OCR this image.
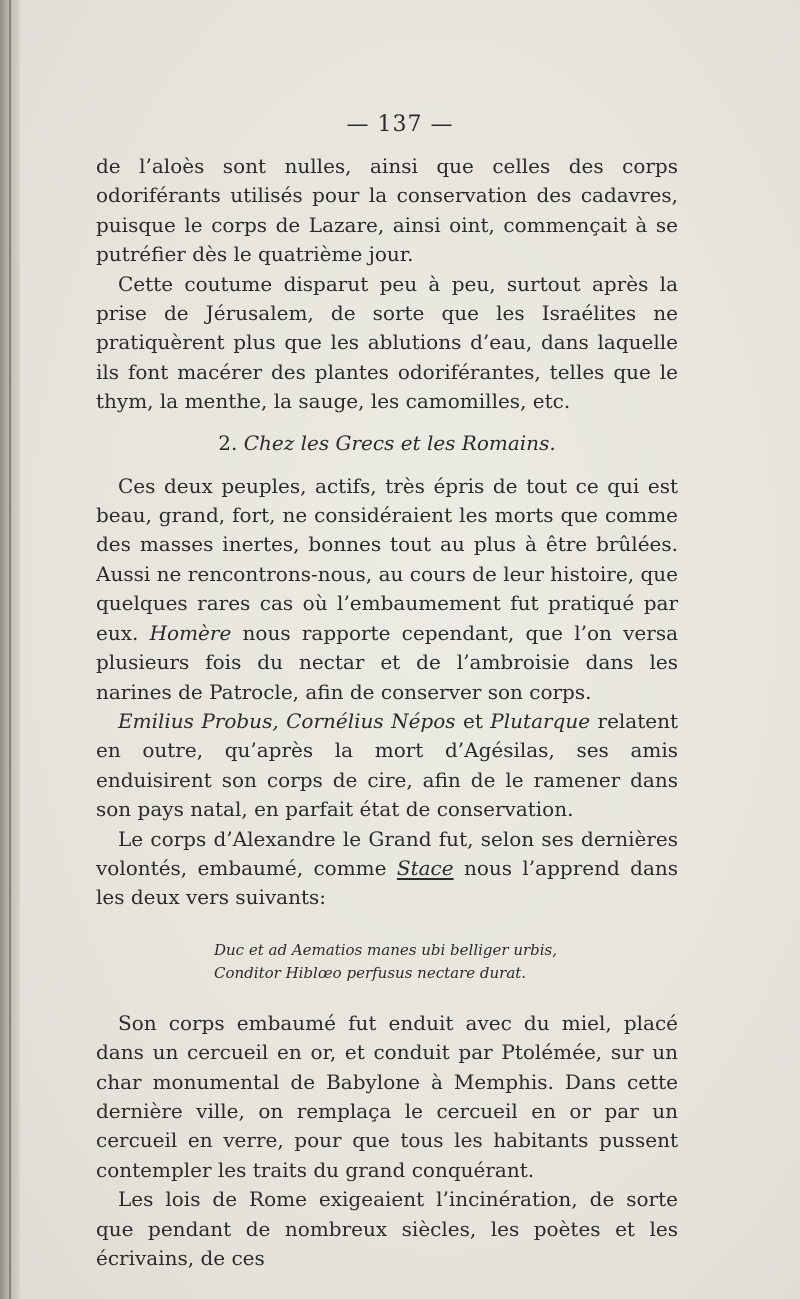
— 137 —

de l’aloès sont nulles, ainsi que celles des corps odoriférants utilisés pour la conservation des cadavres, puisque le corps de Lazare, ainsi oint, commençait à se putréfier dès le quatrième jour.

Cette coutume disparut peu à peu, surtout après la prise de Jérusalem, de sorte que les Israélites ne pratiquèrent plus que les ablutions d’eau, dans laquelle ils font macérer des plantes odoriférantes, telles que le thym, la menthe, la sauge, les camomilles, etc.

2. Chez les Grecs et les Romains.

Ces deux peuples, actifs, très épris de tout ce qui est beau, grand, fort, ne considéraient les morts que comme des masses inertes, bonnes tout au plus à être brûlées. Aussi ne rencontrons-nous, au cours de leur histoire, que quelques rares cas où l’embaumement fut pratiqué par eux. Homère nous rapporte cependant, que l’on versa plusieurs fois du nectar et de l’ambroisie dans les narines de Patrocle, afin de conserver son corps.

Emilius Probus, Cornélius Népos et Plutarque relatent en outre, qu’après la mort d’Agésilas, ses amis enduisirent son corps de cire, afin de le ramener dans son pays natal, en parfait état de conservation.

Le corps d’Alexandre le Grand fut, selon ses dernières volontés, embaumé, comme Stace nous l’apprend dans les deux vers suivants:

Duc et ad Aematios manes ubi belliger urbis,
Conditor Hiblœo perfusus nectare durat.

Son corps embaumé fut enduit avec du miel, placé dans un cercueil en or, et conduit par Ptolémée, sur un char monumental de Babylone à Memphis. Dans cette dernière ville, on remplaça le cercueil en or par un cercueil en verre, pour que tous les habitants pussent contempler les traits du grand conquérant.

Les lois de Rome exigeaient l’incinération, de sorte que pendant de nombreux siècles, les poètes et les écrivains, de ces
